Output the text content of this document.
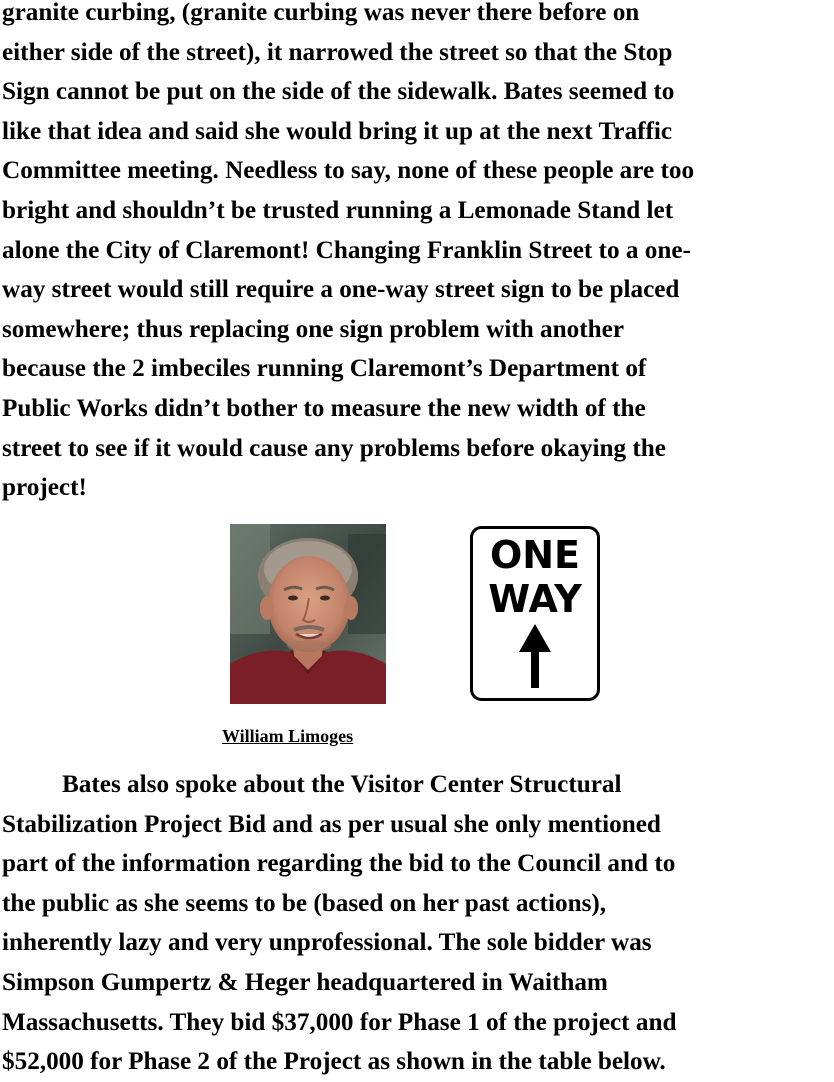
granite curbing, (granite curbing was never there before on
either side of the street), it narrowed the street so that the Stop
Sign cannot be put on the side of the sidewalk. Bates seemed to
like that idea and said she would bring it up at the next Traffic
Committee meeting. Needless to say, none of these people are too
bright and shouldn’t be trusted running a Lemonade Stand let
alone the City of Claremont! Changing Franklin Street to a one-
way street would still require a one-way street sign to be placed
somewhere; thus replacing one sign problem with another
because the 2 imbeciles running Claremont’s Department of
Public Works didn’t bother to measure the new width of the
street to see if it would cause any problems before okaying the
project!

ONE
WAY

William Limoges

Bates also spoke about the Visitor Center Structural
Stabilization Project Bid and as per usual she only mentioned
part of the information regarding the bid to the Council and to
the public as she seems to be (based on her past actions),
inherently lazy and very unprofessional. The sole bidder was
Simpson Gumpertz & Heger headquartered in Waitham
Massachusetts. They bid $37,000 for Phase 1 of the project and
$52,000 for Phase 2 of the Project as shown in the table below.
